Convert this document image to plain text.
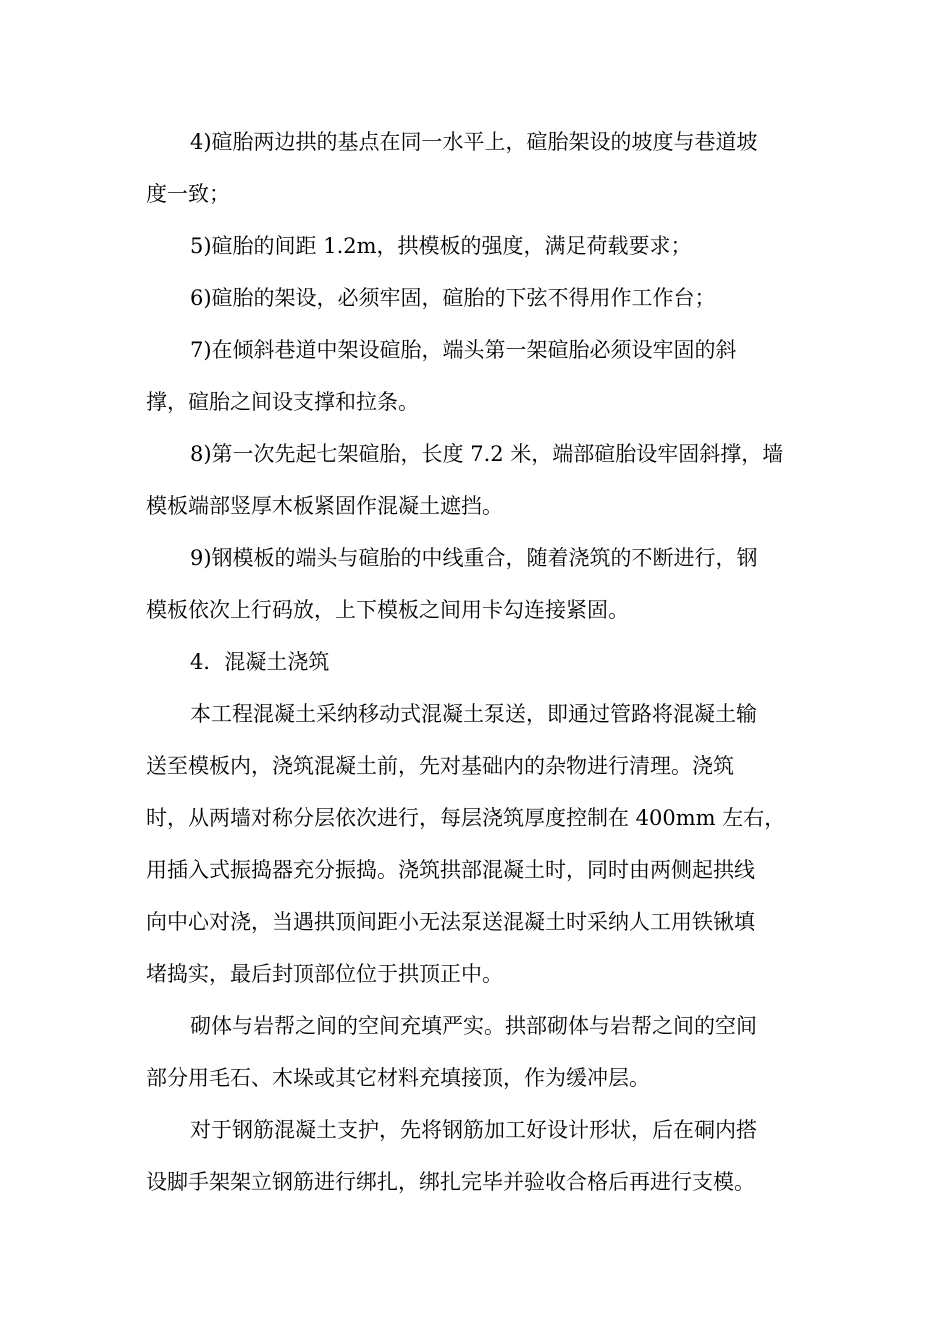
4)碹胎两边拱的基点在同一水平上，碹胎架设的坡度与巷道坡
度一致；
5)碹胎的间距 1.2m，拱模板的强度，满足荷载要求；
6)碹胎的架设，必须牢固，碹胎的下弦不得用作工作台；
7)在倾斜巷道中架设碹胎，端头第一架碹胎必须设牢固的斜
撑，碹胎之间设支撑和拉条。
8)第一次先起七架碹胎，长度 7.2 米，端部碹胎设牢固斜撑，墙
模板端部竖厚木板紧固作混凝土遮挡。
9)钢模板的端头与碹胎的中线重合，随着浇筑的不断进行，钢
模板依次上行码放，上下模板之间用卡勾连接紧固。
4．混凝土浇筑
本工程混凝土采纳移动式混凝土泵送，即通过管路将混凝土输
送至模板内，浇筑混凝土前，先对基础内的杂物进行清理。浇筑
时，从两墙对称分层依次进行，每层浇筑厚度控制在 400mm 左右，
用插入式振捣器充分振捣。浇筑拱部混凝土时，同时由两侧起拱线
向中心对浇，当遇拱顶间距小无法泵送混凝土时采纳人工用铁锹填
堵捣实，最后封顶部位位于拱顶正中。
砌体与岩帮之间的空间充填严实。拱部砌体与岩帮之间的空间
部分用毛石、木垛或其它材料充填接顶，作为缓冲层。
对于钢筋混凝土支护，先将钢筋加工好设计形状，后在硐内搭
设脚手架架立钢筋进行绑扎，绑扎完毕并验收合格后再进行支模。
